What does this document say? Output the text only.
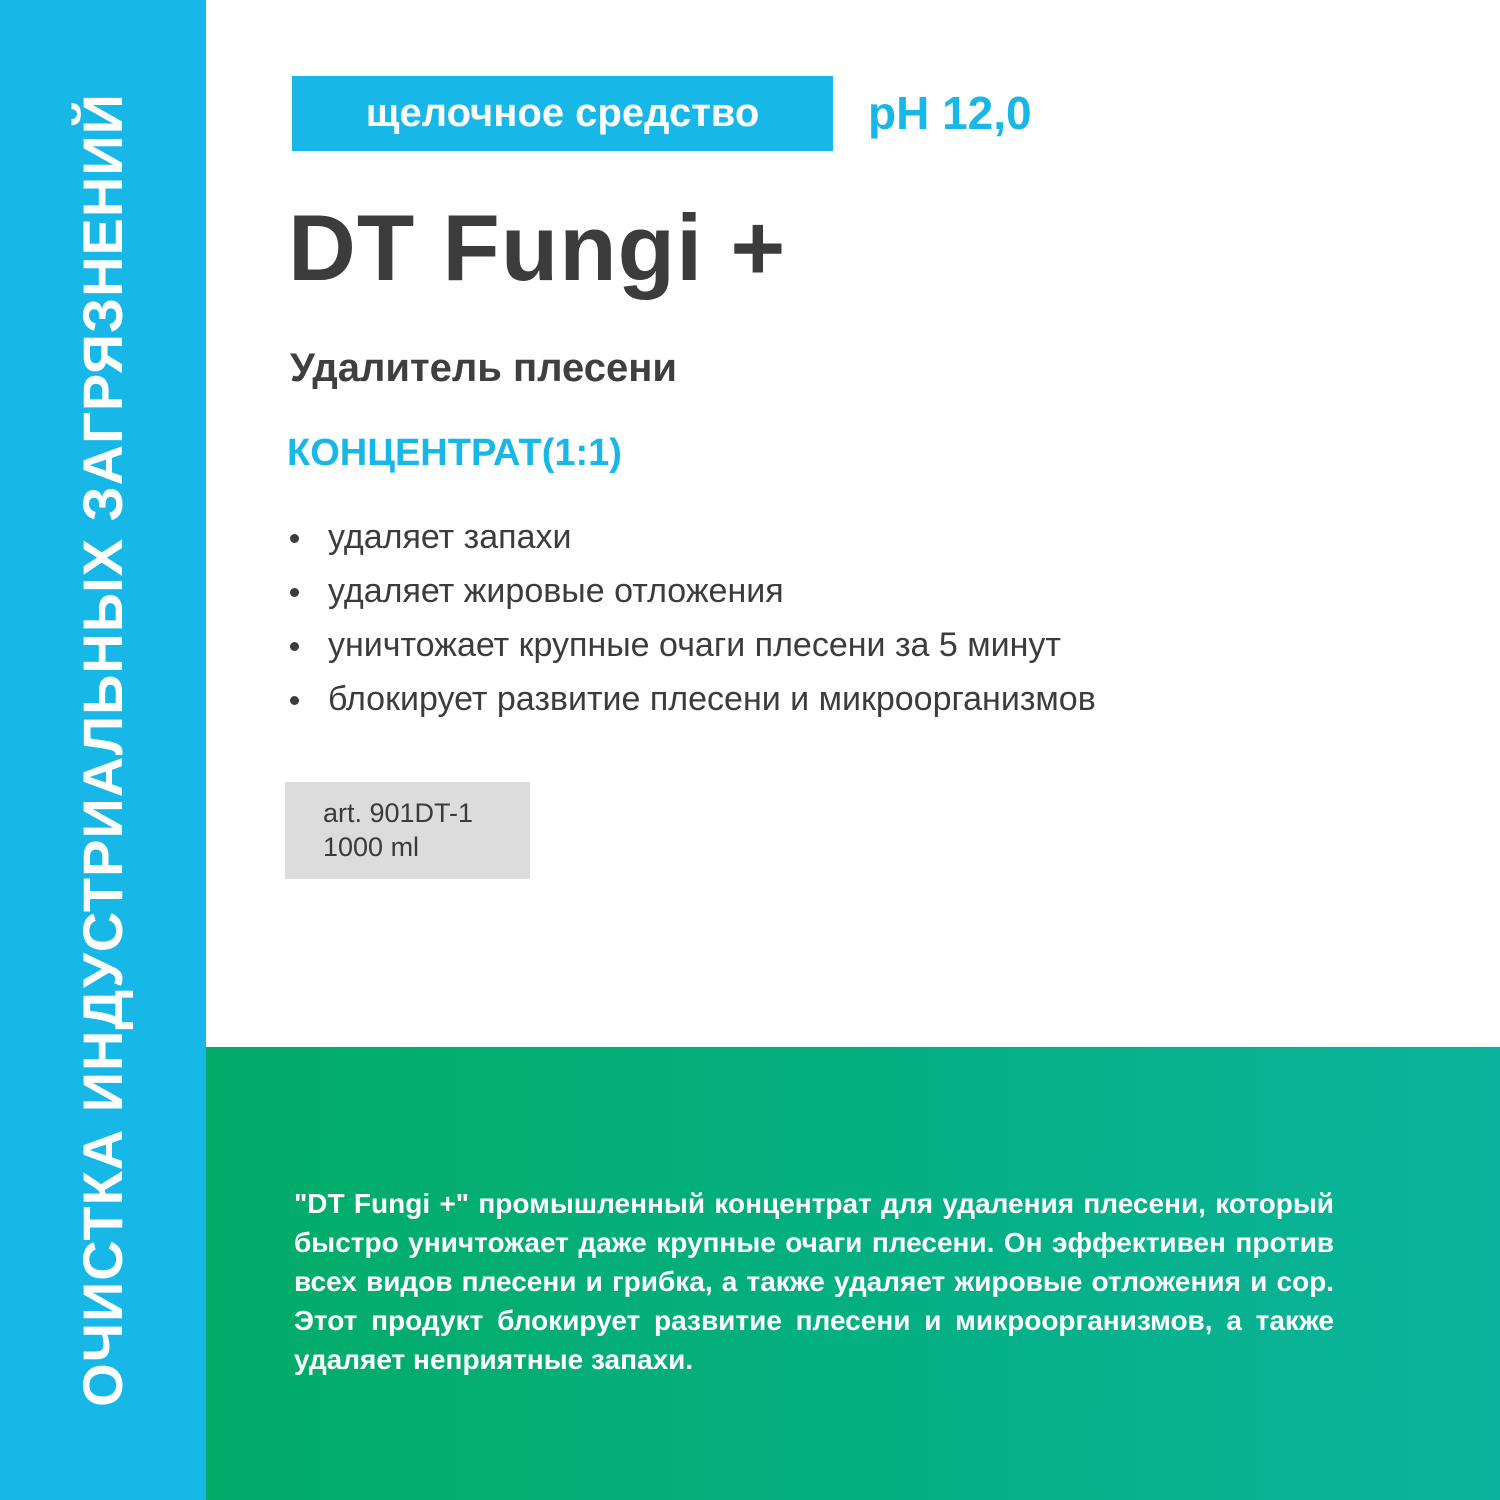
ОЧИСТКА ИНДУСТРИАЛЬНЫХ ЗАГРЯЗНЕНИЙ	щелочное средство	pH 12,0
DT Fungi +
Удалитель плесени
КОНЦЕНТРАТ(1:1)
удаляет запахи
удаляет жировые отложения
уничтожает крупные очаги плесени за 5 минут
блокирует развитие плесени и микроорганизмов
art. 901DT-1
1000 ml
"DT Fungi +" промышленный концентрат для удаления плесени, который быстро уничтожает даже крупные очаги плесени. Он эффективен против всех видов плесени и грибка, а также удаляет жировые отложения и сор. Этот продукт блокирует развитие плесени и микроорганизмов, а также удаляет неприятные запахи.
